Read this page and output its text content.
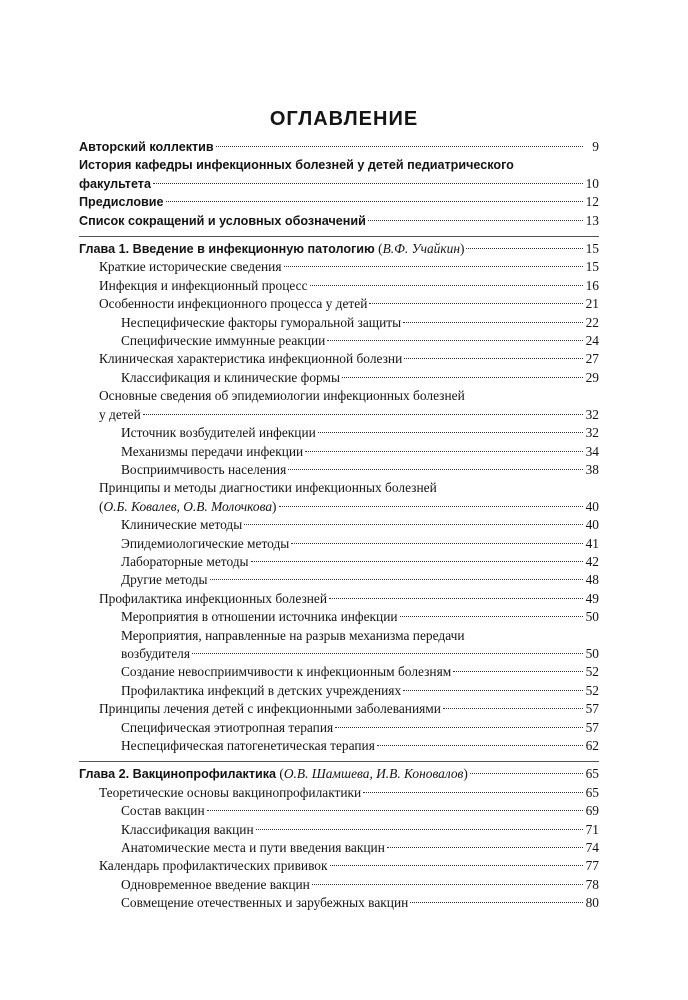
ОГЛАВЛЕНИЕ
Авторский коллектив	9
История кафедры инфекционных болезней у детей педиатрического
факультета	10
Предисловие	12
Список сокращений и условных обозначений	13
Глава 1. Введение в инфекционную патологию (В.Ф. Учайкин)	15
Краткие исторические сведения	15
Инфекция и инфекционный процесс	16
Особенности инфекционного процесса у детей	21
Неспецифические факторы гуморальной защиты	22
Специфические иммунные реакции	24
Клиническая характеристика инфекционной болезни	27
Классификация и клинические формы	29
Основные сведения об эпидемиологии инфекционных болезней
у детей	32
Источник возбудителей инфекции	32
Механизмы передачи инфекции	34
Восприимчивость населения	38
Принципы и методы диагностики инфекционных болезней
(О.Б. Ковалев, О.В. Молочкова)	40
Клинические методы	40
Эпидемиологические методы	41
Лабораторные методы	42
Другие методы	48
Профилактика инфекционных болезней	49
Мероприятия в отношении источника инфекции	50
Мероприятия, направленные на разрыв механизма передачи
возбудителя	50
Создание невосприимчивости к инфекционным болезням	52
Профилактика инфекций в детских учреждениях	52
Принципы лечения детей с инфекционными заболеваниями	57
Специфическая этиотропная терапия	57
Неспецифическая патогенетическая терапия	62
Глава 2. Вакцинопрофилактика (О.В. Шамшева, И.В. Коновалов)	65
Теоретические основы вакцинопрофилактики	65
Состав вакцин	69
Классификация вакцин	71
Анатомические места и пути введения вакцин	74
Календарь профилактических прививок	77
Одновременное введение вакцин	78
Совмещение отечественных и зарубежных вакцин	80
